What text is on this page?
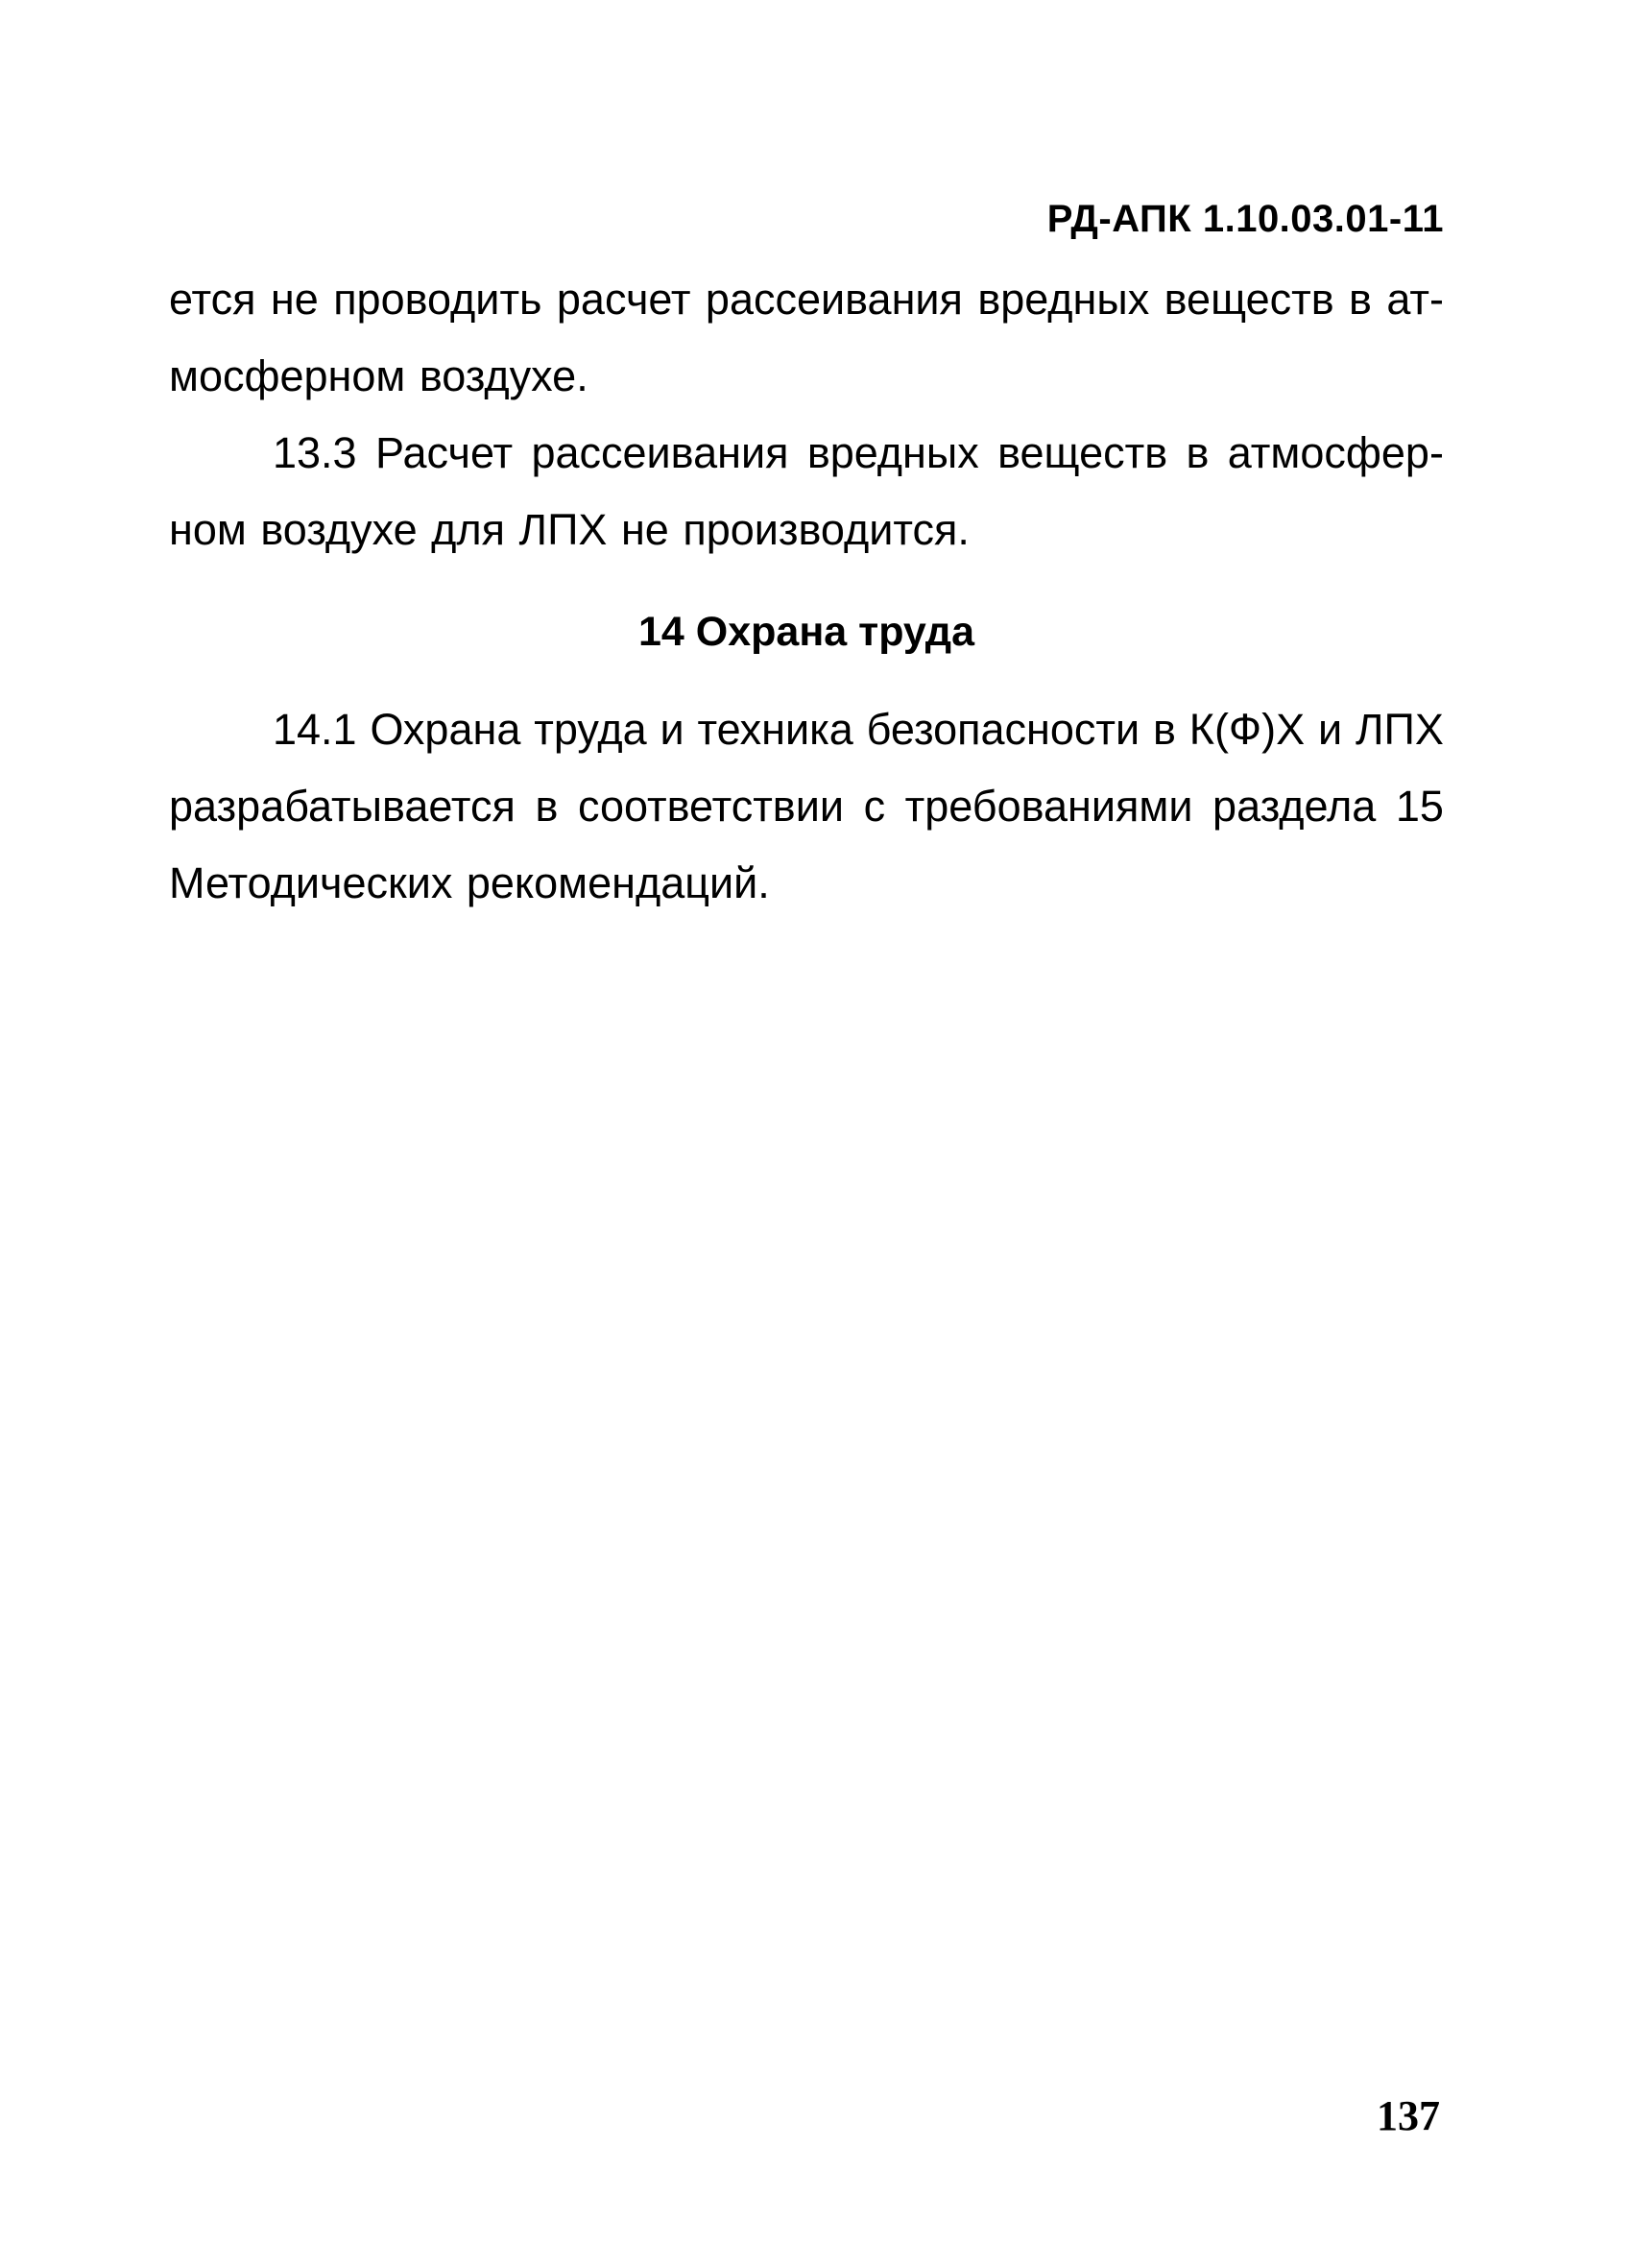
РД-АПК 1.10.03.01-11
ется не проводить расчет рассеивания вредных веществ в ат-
мосферном воздухе.
13.3 Расчет рассеивания вредных веществ в атмосфер-
ном воздухе для ЛПХ не производится.
14 Охрана труда
14.1 Охрана труда и техника безопасности в К(Ф)Х и ЛПХ
разрабатывается в соответствии с требованиями раздела 15
Методических рекомендаций.
137
